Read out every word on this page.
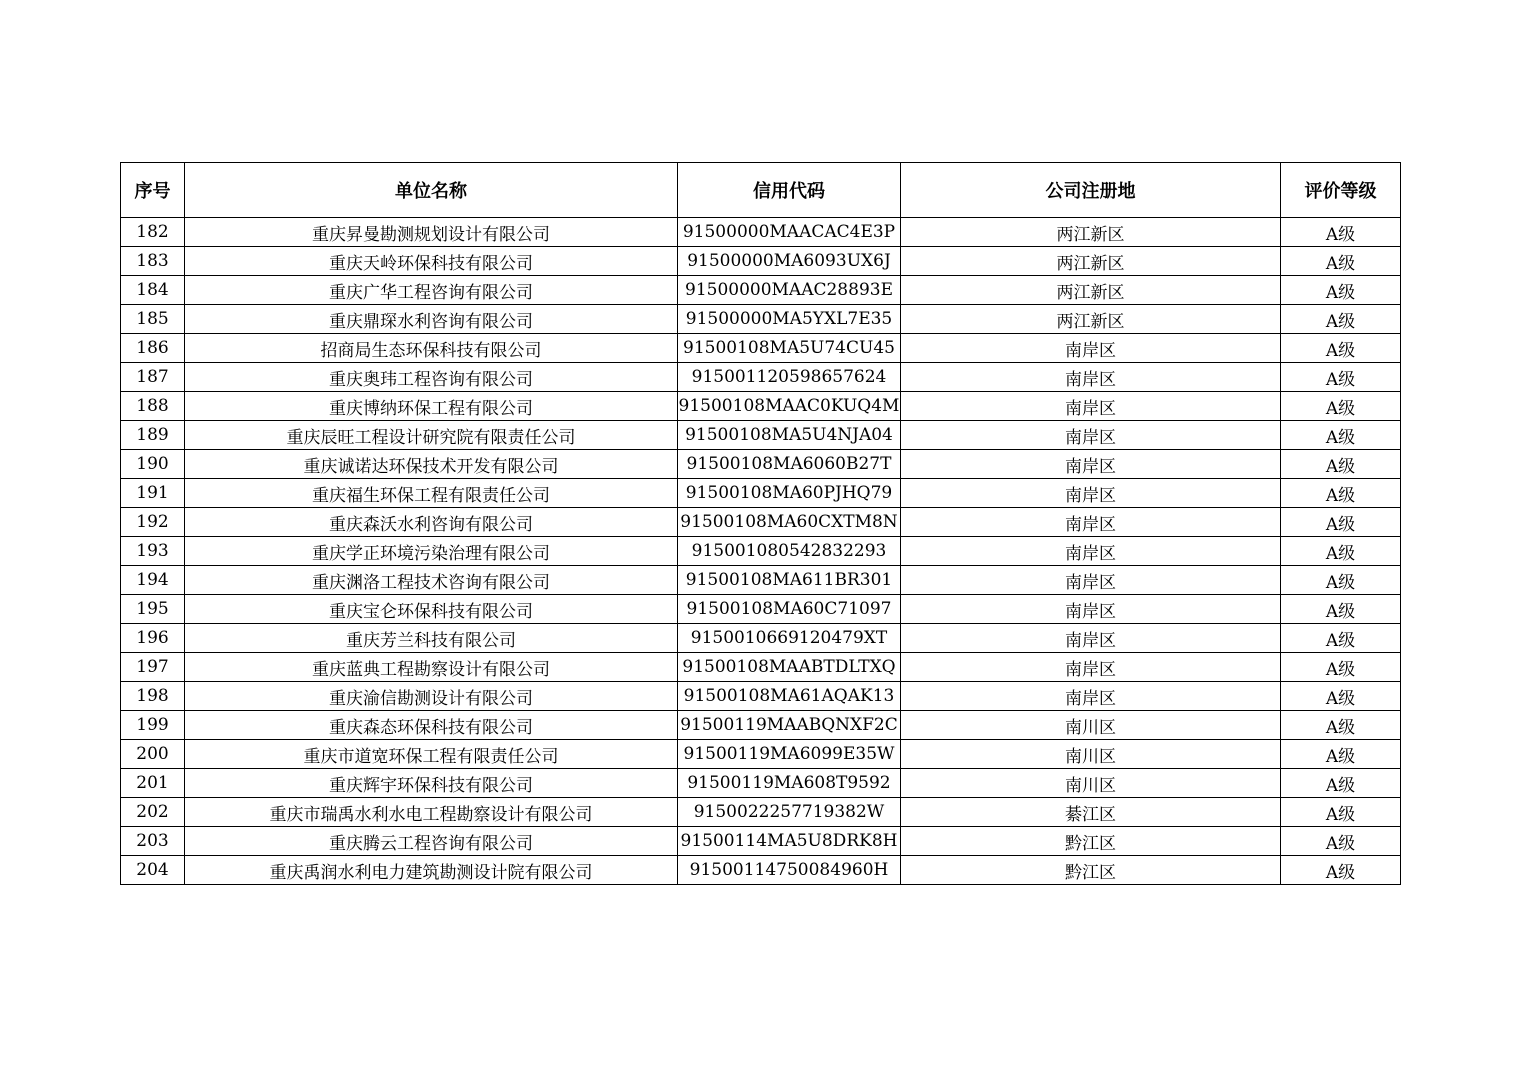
序号	单位名称	信用代码	公司注册地	评价等级
182	重庆昇曼勘测规划设计有限公司	91500000MAACAC4E3P	两江新区	A级
183	重庆天岭环保科技有限公司	91500000MA6093UX6J	两江新区	A级
184	重庆广华工程咨询有限公司	91500000MAAC28893E	两江新区	A级
185	重庆鼎琛水利咨询有限公司	91500000MA5YXL7E35	两江新区	A级
186	招商局生态环保科技有限公司	91500108MA5U74CU45	南岸区	A级
187	重庆奥玮工程咨询有限公司	915001120598657624	南岸区	A级
188	重庆博纳环保工程有限公司	91500108MAAC0KUQ4M	南岸区	A级
189	重庆辰旺工程设计研究院有限责任公司	91500108MA5U4NJA04	南岸区	A级
190	重庆诚诺达环保技术开发有限公司	91500108MA6060B27T	南岸区	A级
191	重庆福生环保工程有限责任公司	91500108MA60PJHQ79	南岸区	A级
192	重庆森沃水利咨询有限公司	91500108MA60CXTM8N	南岸区	A级
193	重庆学正环境污染治理有限公司	915001080542832293	南岸区	A级
194	重庆渊洛工程技术咨询有限公司	91500108MA611BR301	南岸区	A级
195	重庆宝仑环保科技有限公司	91500108MA60C71097	南岸区	A级
196	重庆芳兰科技有限公司	9150010669120479XT	南岸区	A级
197	重庆蓝典工程勘察设计有限公司	91500108MAABTDLTXQ	南岸区	A级
198	重庆渝信勘测设计有限公司	91500108MA61AQAK13	南岸区	A级
199	重庆森态环保科技有限公司	91500119MAABQNXF2C	南川区	A级
200	重庆市道宽环保工程有限责任公司	91500119MA6099E35W	南川区	A级
201	重庆辉宇环保科技有限公司	91500119MA608T9592	南川区	A级
202	重庆市瑞禹水利水电工程勘察设计有限公司	9150022257719382W	綦江区	A级
203	重庆腾云工程咨询有限公司	91500114MA5U8DRK8H	黔江区	A级
204	重庆禹润水利电力建筑勘测设计院有限公司	91500114750084960H	黔江区	A级
